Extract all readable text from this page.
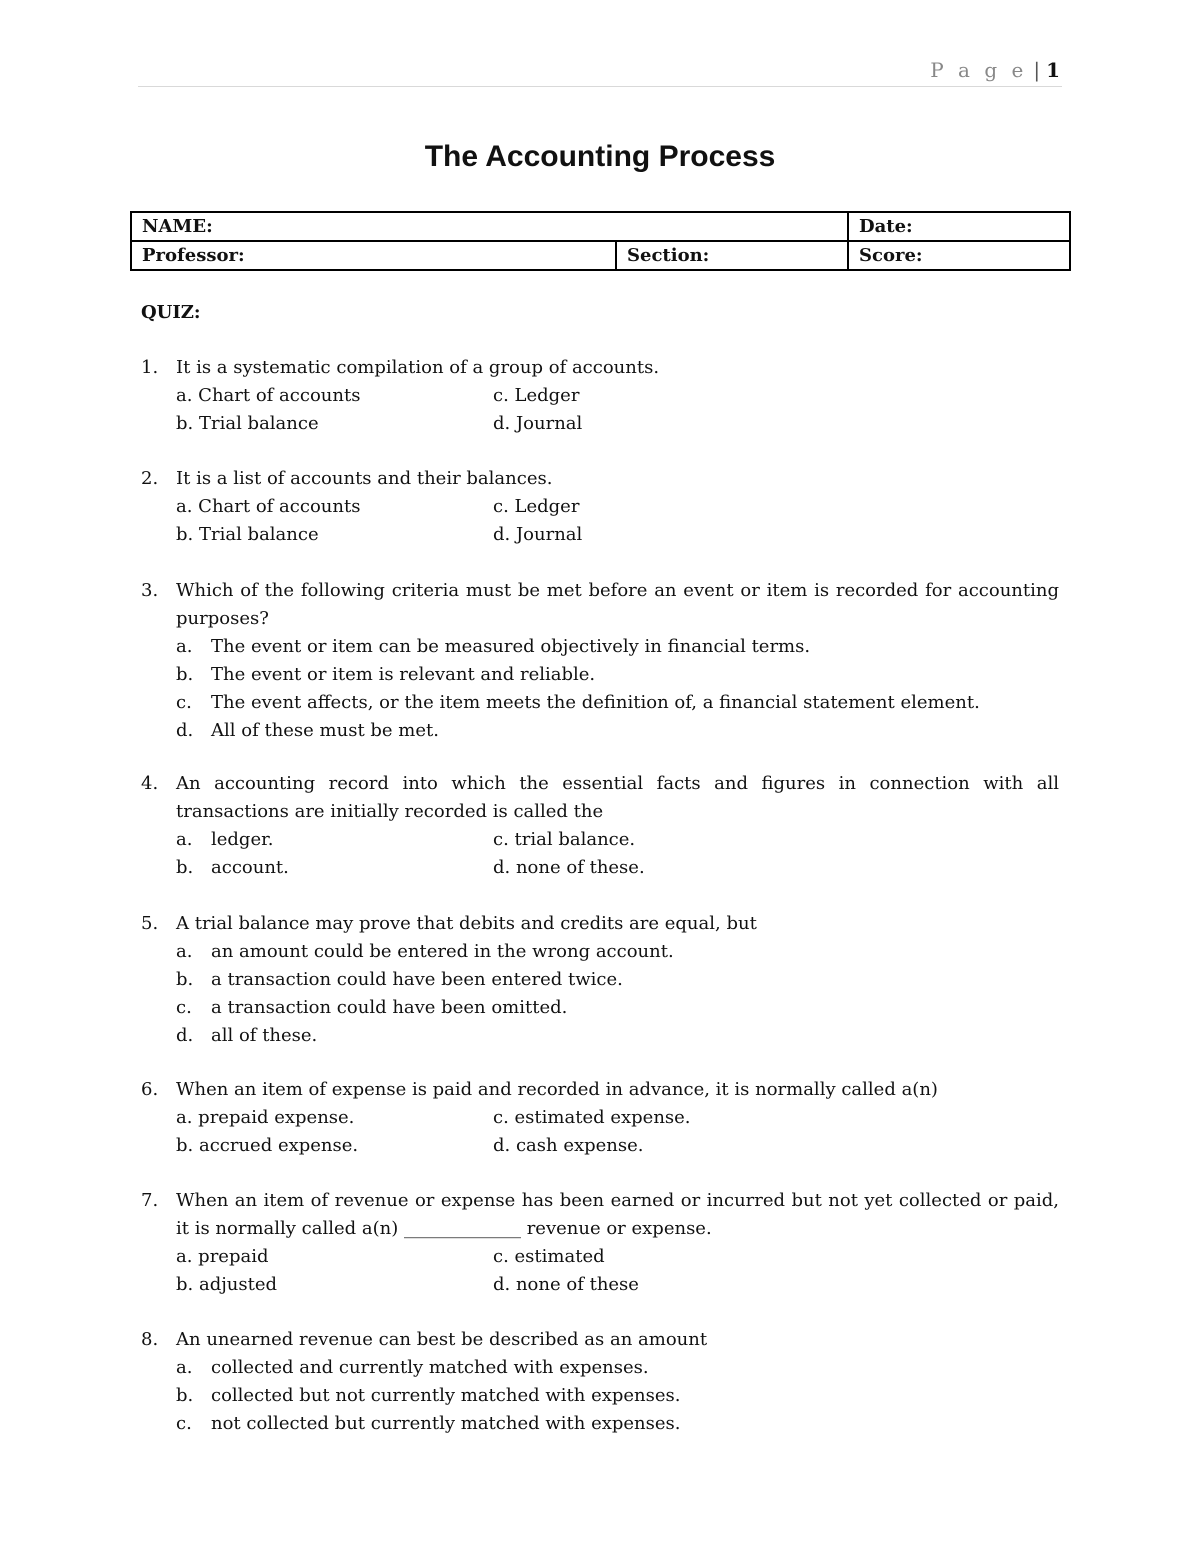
P a g e | 1
The Accounting Process
NAME:		Date:
Professor:	Section:	Score:
QUIZ:
1. It is a systematic compilation of a group of accounts.
a. Chart of accounts	c. Ledger
b. Trial balance	d. Journal
2. It is a list of accounts and their balances.
a. Chart of accounts	c. Ledger
b. Trial balance	d. Journal
3. Which of the following criteria must be met before an event or item is recorded for accounting purposes?
a.	The event or item can be measured objectively in financial terms.
b. The event or item is relevant and reliable.
c.	The event affects, or the item meets the definition of, a financial statement element.
d. All of these must be met.
4. An accounting record into which the essential facts and figures in connection with all transactions are initially recorded is called the
a.	ledger.	c. trial balance.
b. account.	d. none of these.
5. A trial balance may prove that debits and credits are equal, but
a.	an amount could be entered in the wrong account.
b. a transaction could have been entered twice.
c.	a transaction could have been omitted.
d. all of these.
6. When an item of expense is paid and recorded in advance, it is normally called a(n)
a. prepaid expense.	c. estimated expense.
b. accrued expense.	d. cash expense.
7. When an item of revenue or expense has been earned or incurred but not yet collected or paid, it is normally called a(n) _____________ revenue or expense.
a. prepaid	c. estimated
b. adjusted	d. none of these
8. An unearned revenue can best be described as an amount
a.	collected and currently matched with expenses.
b. collected but not currently matched with expenses.
c.	not collected but currently matched with expenses.
